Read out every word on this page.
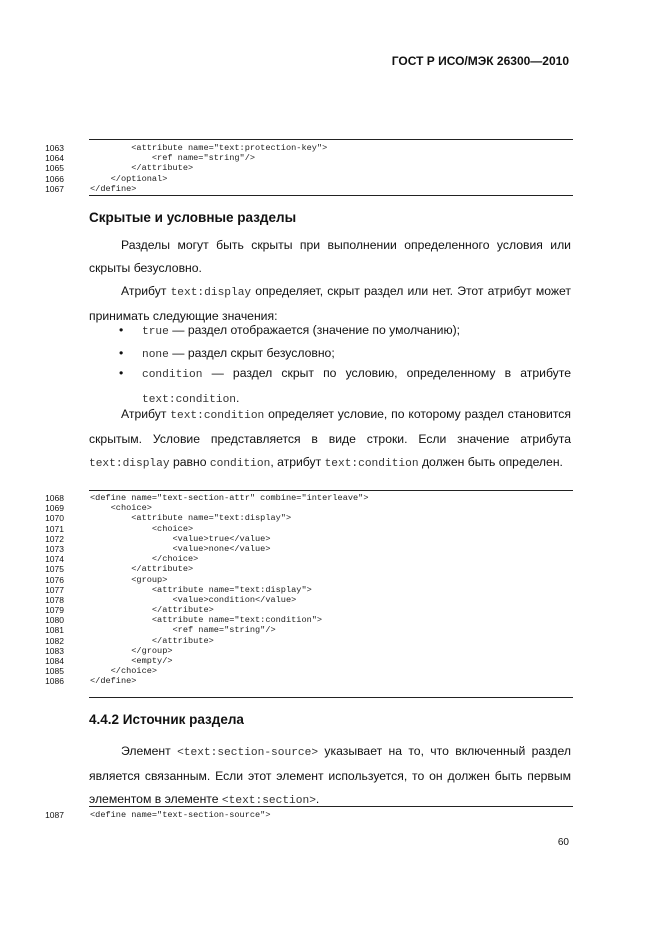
ГОСТ Р ИСО/МЭК 26300—2010
1063	<attribute name="text:protection-key">
1064	<ref name="string"/>
1065	</attribute>
1066	</optional>
1067	</define>
Скрытые и условные разделы
Разделы могут быть скрыты при выполнении определенного условия или скрыты безусловно.
Атрибут text:display определяет, скрыт раздел или нет. Этот атрибут может принимать следующие значения:
• true — раздел отображается (значение по умолчанию);
• none — раздел скрыт безусловно;
• condition — раздел скрыт по условию, определенному в атрибуте text:condition.
Атрибут text:condition определяет условие, по которому раздел становится скрытым. Условие представляется в виде строки. Если значение атрибута text:display равно condition, атрибут text:condition должен быть определен.
1068	<define name="text-section-attr" combine="interleave">
1069	<choice>
1070	<attribute name="text:display">
1071	<choice>
1072	<value>true</value>
1073	<value>none</value>
1074	</choice>
1075	</attribute>
1076	<group>
1077	<attribute name="text:display">
1078	<value>condition</value>
1079	</attribute>
1080	<attribute name="text:condition">
1081	<ref name="string"/>
1082	</attribute>
1083	</group>
1084	<empty/>
1085	</choice>
1086	</define>
4.4.2 Источник раздела
Элемент <text:section-source> указывает на то, что включенный раздел является связанным. Если этот элемент используется, то он должен быть первым элементом в элементе <text:section>.
1087	<define name="text-section-source">
60
